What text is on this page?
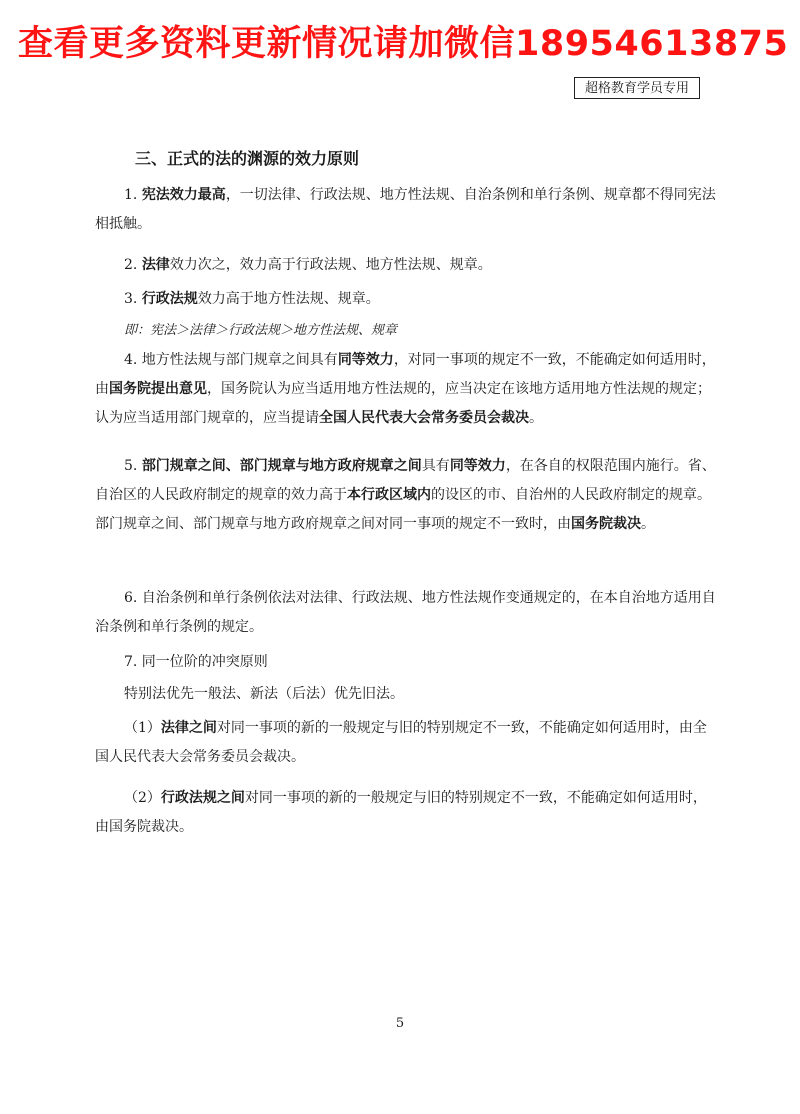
查看更多资料更新情况请加微信18954613875
超格教育学员专用
三、正式的法的渊源的效力原则
1. 宪法效力最高，一切法律、行政法规、地方性法规、自治条例和单行条例、规章都不得同宪法相抵触。
2. 法律效力次之，效力高于行政法规、地方性法规、规章。
3. 行政法规效力高于地方性法规、规章。
即：宪法＞法律＞行政法规＞地方性法规、规章
4. 地方性法规与部门规章之间具有同等效力，对同一事项的规定不一致，不能确定如何适用时，由国务院提出意见，国务院认为应当适用地方性法规的，应当决定在该地方适用地方性法规的规定；认为应当适用部门规章的，应当提请全国人民代表大会常务委员会裁决。
5. 部门规章之间、部门规章与地方政府规章之间具有同等效力，在各自的权限范围内施行。省、自治区的人民政府制定的规章的效力高于本行政区域内的设区的市、自治州的人民政府制定的规章。部门规章之间、部门规章与地方政府规章之间对同一事项的规定不一致时，由国务院裁决。
6. 自治条例和单行条例依法对法律、行政法规、地方性法规作变通规定的，在本自治地方适用自治条例和单行条例的规定。
7. 同一位阶的冲突原则
特别法优先一般法、新法（后法）优先旧法。
（1）法律之间对同一事项的新的一般规定与旧的特别规定不一致，不能确定如何适用时，由全国人民代表大会常务委员会裁决。
（2）行政法规之间对同一事项的新的一般规定与旧的特别规定不一致，不能确定如何适用时，由国务院裁决。
5
